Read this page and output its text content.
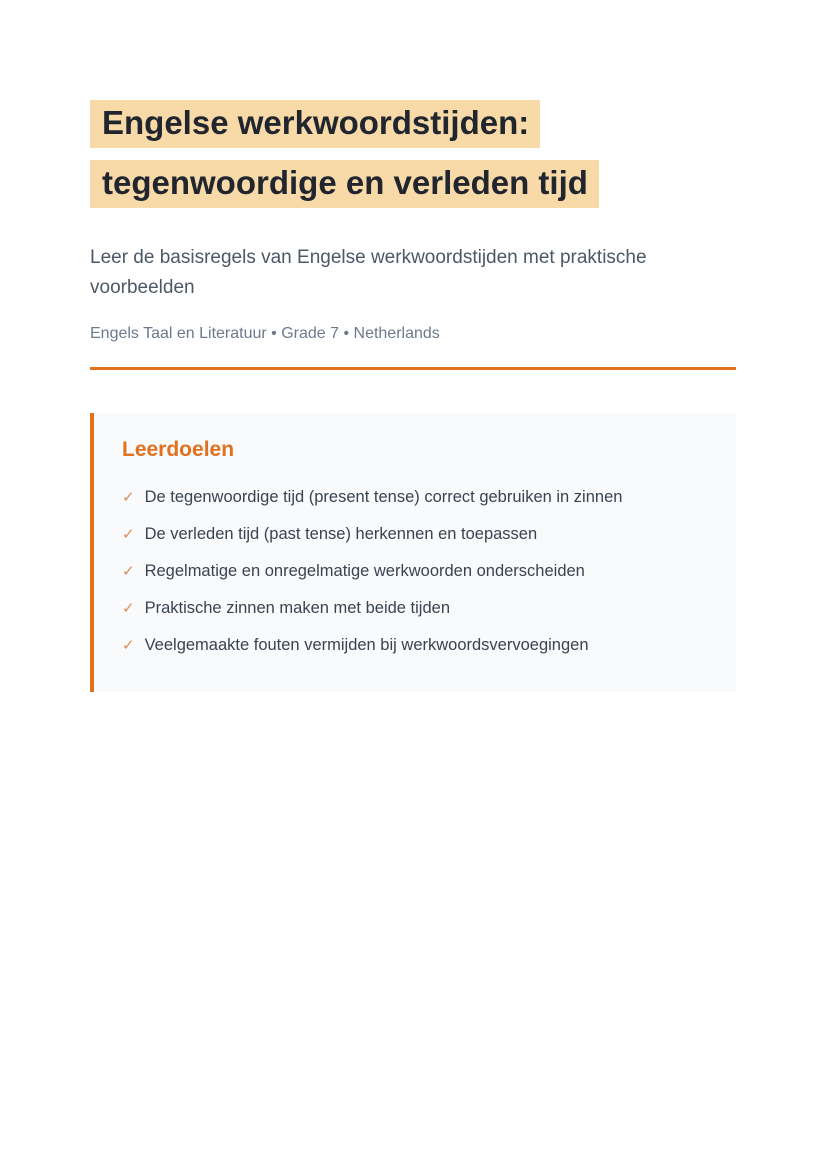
Engelse werkwoordstijden:
tegenwoordige en verleden tijd

Leer de basisregels van Engelse werkwoordstijden met praktische voorbeelden

Engels Taal en Literatuur • Grade 7 • Netherlands

Leerdoelen
✓ De tegenwoordige tijd (present tense) correct gebruiken in zinnen
✓ De verleden tijd (past tense) herkennen en toepassen
✓ Regelmatige en onregelmatige werkwoorden onderscheiden
✓ Praktische zinnen maken met beide tijden
✓ Veelgemaakte fouten vermijden bij werkwoordsvervoegingen
